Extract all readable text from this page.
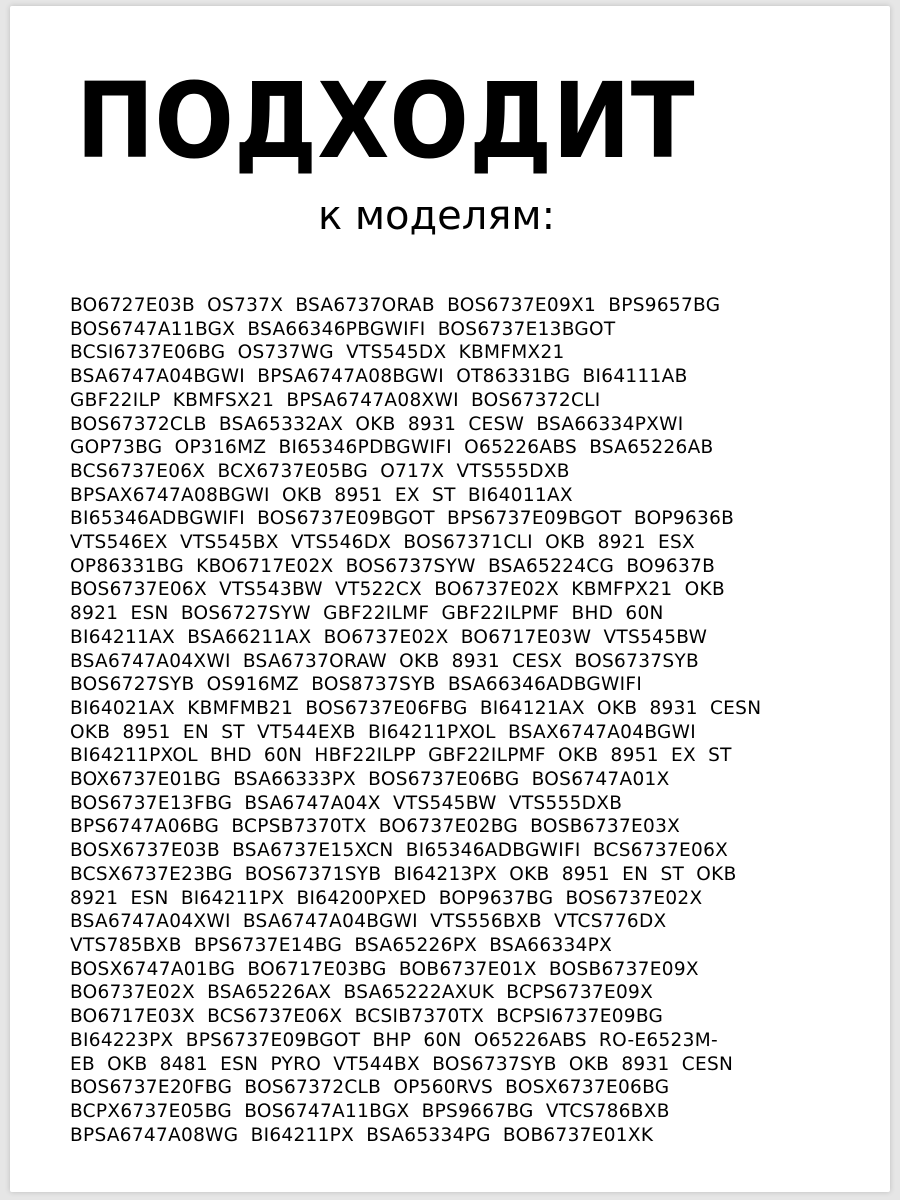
ПОДХОДИТ
к моделям:
BO6727E03B OS737X BSA6737ORAB BOS6737E09X1 BPS9657BG
BOS6747A11BGX BSA66346PBGWIFI BOS6737E13BGOT
BCSI6737E06BG OS737WG VTS545DX KBMFMX21
BSA6747A04BGWI BPSA6747A08BGWI OT86331BG BI64111AB
GBF22ILP KBMFSX21 BPSA6747A08XWI BOS67372CLI
BOS67372CLB BSA65332AX OKB 8931 CESW BSA66334PXWI
GOP73BG OP316MZ BI65346PDBGWIFI O65226ABS BSA65226AB
BCS6737E06X BCX6737E05BG O717X VTS555DXB
BPSAX6747A08BGWI OKB 8951 EX ST BI64011AX
BI65346ADBGWIFI BOS6737E09BGOT BPS6737E09BGOT BOP9636B
VTS546EX VTS545BX VTS546DX BOS67371CLI OKB 8921 ESX
OP86331BG KBO6717E02X BOS6737SYW BSA65224CG BO9637B
BOS6737E06X VTS543BW VT522CX BO6737E02X KBMFPX21 OKB
8921 ESN BOS6727SYW GBF22ILMF GBF22ILPMF BHD 60N
BI64211AX BSA66211AX BO6737E02X BO6717E03W VTS545BW
BSA6747A04XWI BSA6737ORAW OKB 8931 CESX BOS6737SYB
BOS6727SYB OS916MZ BOS8737SYB BSA66346ADBGWIFI
BI64021AX KBMFMB21 BOS6737E06FBG BI64121AX OKB 8931 CESN
OKB 8951 EN ST VT544EXB BI64211PXOL BSAX6747A04BGWI
BI64211PXOL BHD 60N HBF22ILPP GBF22ILPMF OKB 8951 EX ST
BOX6737E01BG BSA66333PX BOS6737E06BG BOS6747A01X
BOS6737E13FBG BSA6747A04X VTS545BW VTS555DXB
BPS6747A06BG BCPSB7370TX BO6737E02BG BOSB6737E03X
BOSX6737E03B BSA6737E15XCN BI65346ADBGWIFI BCS6737E06X
BCSX6737E23BG BOS67371SYB BI64213PX OKB 8951 EN ST OKB
8921 ESN BI64211PX BI64200PXED BOP9637BG BOS6737E02X
BSA6747A04XWI BSA6747A04BGWI VTS556BXB VTCS776DX
VTS785BXB BPS6737E14BG BSA65226PX BSA66334PX
BOSX6747A01BG BO6717E03BG BOB6737E01X BOSB6737E09X
BO6737E02X BSA65226AX BSA65222AXUK BCPS6737E09X
BO6717E03X BCS6737E06X BCSIB7370TX BCPSI6737E09BG
BI64223PX BPS6737E09BGOT BHP 60N O65226ABS RO-E6523M-
EB OKB 8481 ESN PYRO VT544BX BOS6737SYB OKB 8931 CESN
BOS6737E20FBG BOS67372CLB OP560RVS BOSX6737E06BG
BCPX6737E05BG BOS6747A11BGX BPS9667BG VTCS786BXB
BPSA6747A08WG BI64211PX BSA65334PG BOB6737E01XK
